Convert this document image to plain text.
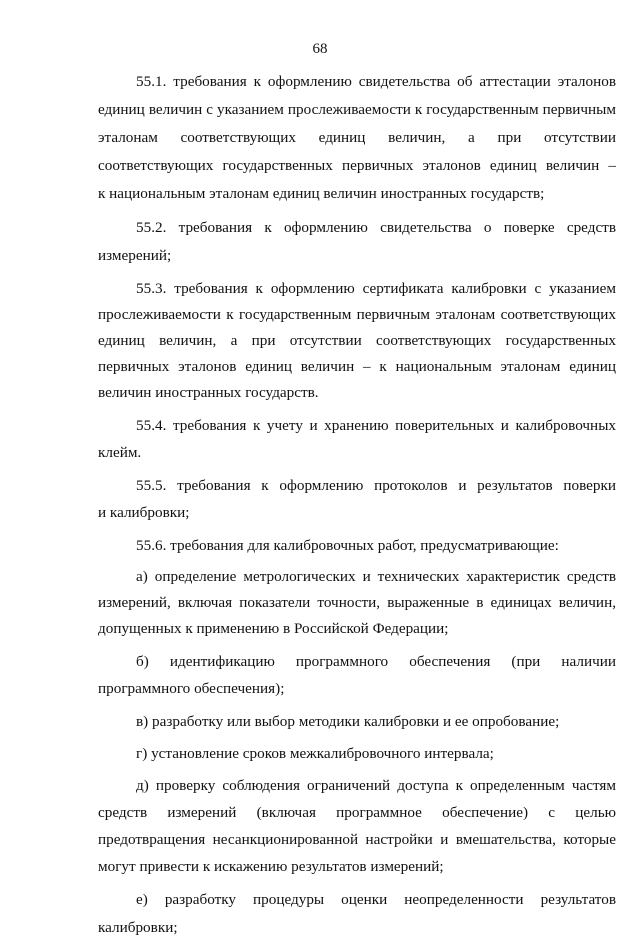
68

55.1. требования к оформлению свидетельства об аттестации эталонов
единиц величин с указанием прослеживаемости к государственным первичным
эталонам соответствующих единиц величин, а при отсутствии
соответствующих государственных первичных эталонов единиц величин –
к национальным эталонам единиц величин иностранных государств;

55.2. требования к оформлению свидетельства о поверке средств
измерений;

55.3. требования к оформлению сертификата калибровки с указанием
прослеживаемости к государственным первичным эталонам соответствующих
единиц величин, а при отсутствии соответствующих государственных
первичных эталонов единиц величин – к национальным эталонам единиц
величин иностранных государств.

55.4. требования к учету и хранению поверительных и калибровочных
клейм.

55.5. требования к оформлению протоколов и результатов поверки
и калибровки;

55.6. требования для калибровочных работ, предусматривающие:

а) определение метрологических и технических характеристик средств
измерений, включая показатели точности, выраженные в единицах величин,
допущенных к применению в Российской Федерации;

б) идентификацию программного обеспечения (при наличии
программного обеспечения);

в) разработку или выбор методики калибровки и ее опробование;

г) установление сроков межкалибровочного интервала;

д) проверку соблюдения ограничений доступа к определенным частям
средств измерений (включая программное обеспечение) с целью
предотвращения несанкционированной настройки и вмешательства, которые
могут привести к искажению результатов измерений;

е) разработку процедуры оценки неопределенности результатов
калибровки;
